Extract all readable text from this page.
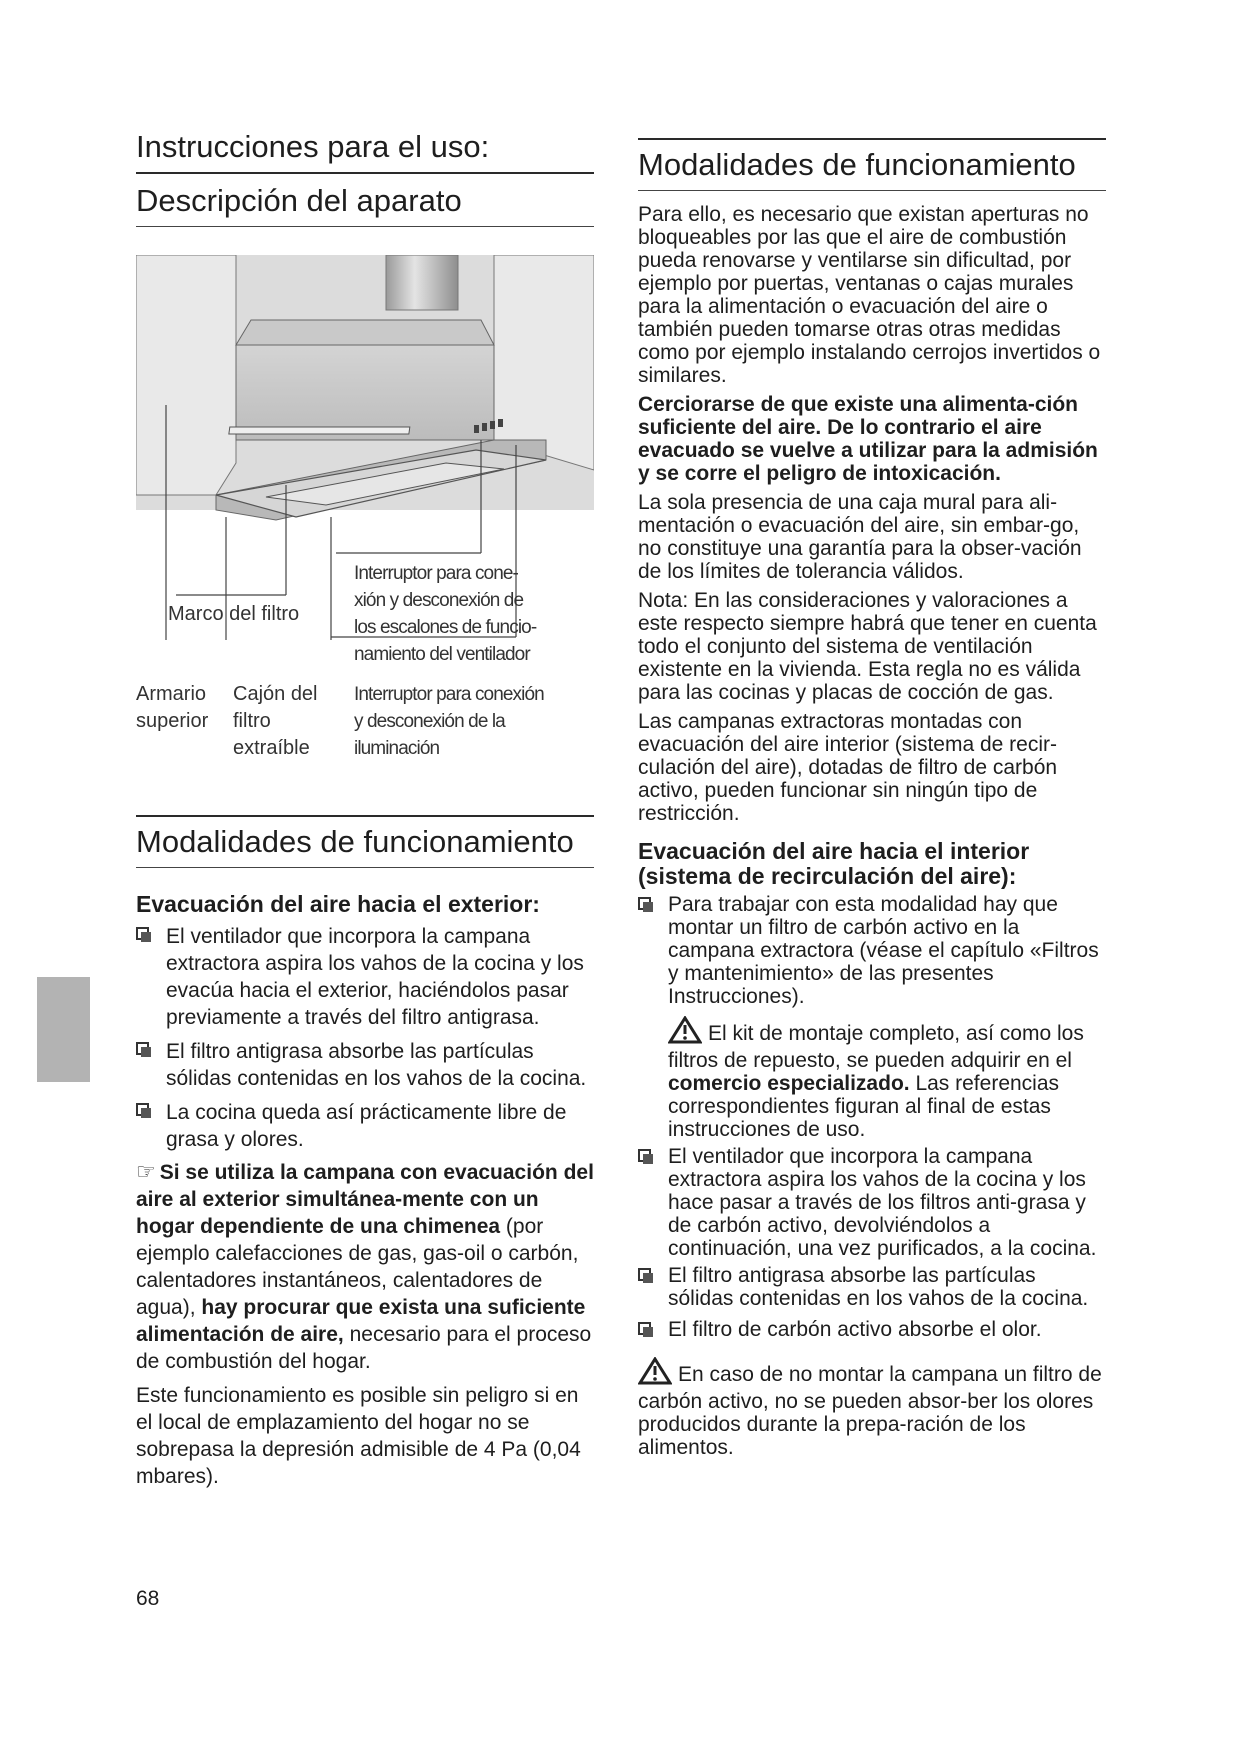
Instrucciones para el uso:
Descripción del aparato
Marco del filtro
Interruptor para cone-
xión y desconexión de
los escalones de funcio-
namiento del ventilador
Armario
superior
Cajón del
filtro
extraíble
Interruptor para conexión
y desconexión de la
iluminación
Modalidades de funcionamiento

Evacuación del aire hacia el exterior:

El ventilador que incorpora la campana extractora aspira los vahos de la cocina y los evacúa hacia el exterior, haciéndolos pasar previamente a través del filtro antigrasa.
El filtro antigrasa absorbe las partículas sólidas contenidas en los vahos de la cocina.
La cocina queda así prácticamente libre de grasa y olores.

☞ Si se utiliza la campana con evacuación del aire al exterior simultánea-mente con un hogar dependiente de una chimenea (por ejemplo calefacciones de gas, gas-oil o carbón, calentadores instantáneos, calentadores de agua), hay procurar que exista una suficiente alimentación de aire, necesario para el proceso de combustión del hogar.

Este funcionamiento es posible sin peligro si en el local de emplazamiento del hogar no se sobrepasa la depresión admisible de 4 Pa (0,04 mbares).

68
Modalidades de funcionamiento

Para ello, es necesario que existan aperturas no bloqueables por las que el aire de combustión pueda renovarse y ventilarse sin dificultad, por ejemplo por puertas, ventanas o cajas murales para la alimentación o evacuación del aire o también pueden tomarse otras otras medidas como por ejemplo instalando cerrojos invertidos o similares.

Cerciorarse de que existe una alimenta-ción suficiente del aire. De lo contrario el aire evacuado se vuelve a utilizar para la admisión y se corre el peligro de intoxicación.

La sola presencia de una caja mural para ali-mentación o evacuación del aire, sin embar-go, no constituye una garantía para la obser-vación de los límites de tolerancia válidos.

Nota: En las consideraciones y valoraciones a este respecto siempre habrá que tener en cuenta todo el conjunto del sistema de ventilación existente en la vivienda. Esta regla no es válida para las cocinas y placas de cocción de gas.

Las campanas extractoras montadas con evacuación del aire interior (sistema de recir-culación del aire), dotadas de filtro de carbón activo, pueden funcionar sin ningún tipo de restricción.

Evacuación del aire hacia el interior (sistema de recirculación del aire):

Para trabajar con esta modalidad hay que montar un filtro de carbón activo en la campana extractora (véase el capítulo «Filtros y mantenimiento» de las presentes Instrucciones).
El kit de montaje completo, así como los filtros de repuesto, se pueden adquirir en el comercio especializado. Las referencias correspondientes figuran al final de estas instrucciones de uso.
El ventilador que incorpora la campana extractora aspira los vahos de la cocina y los hace pasar a través de los filtros anti-grasa y de carbón activo, devolviéndolos a continuación, una vez purificados, a la cocina.
El filtro antigrasa absorbe las partículas sólidas contenidas en los vahos de la cocina.
El filtro de carbón activo absorbe el olor.
En caso de no montar la campana un filtro de carbón activo, no se pueden absor-ber los olores producidos durante la prepa-ración de los alimentos.
